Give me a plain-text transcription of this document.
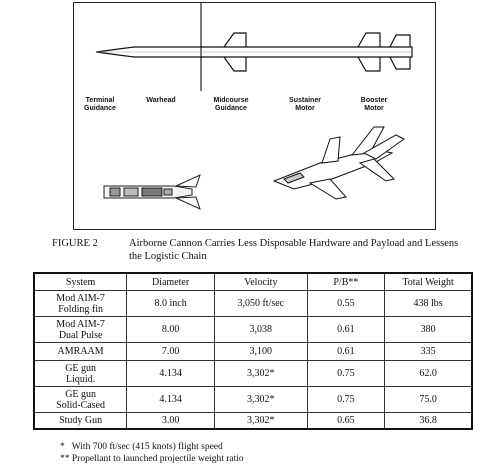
Terminal
Guidance
Warhead	Midcourse
Guidance
Sustainer
Motor
Booster
Motor
FIGURE 2	Airborne Cannon Carries Less Disposable Hardware and Payload and Lessens the Logistic Chain
System	Diameter	Velocity	P/B**	Total Weight
Mod AIM-7
Folding fin	8.0 inch	3,050 ft/sec	0.55	438 lbs
Mod AIM-7
Dual Pulse	8.00	3,038	0.61	380
AMRAAM	7.00	3,100	0.61	335
GE gun
Liquid.	4.134	3,302*	0.75	62.0
GE gun
Solid-Cased	4.134	3,302*	0.75	75.0
Study Gun	3.00	3,302*	0.65	36.8
*   With 700 ft/sec (415 knots) flight speed
** Propellant to launched projectile weight ratio
